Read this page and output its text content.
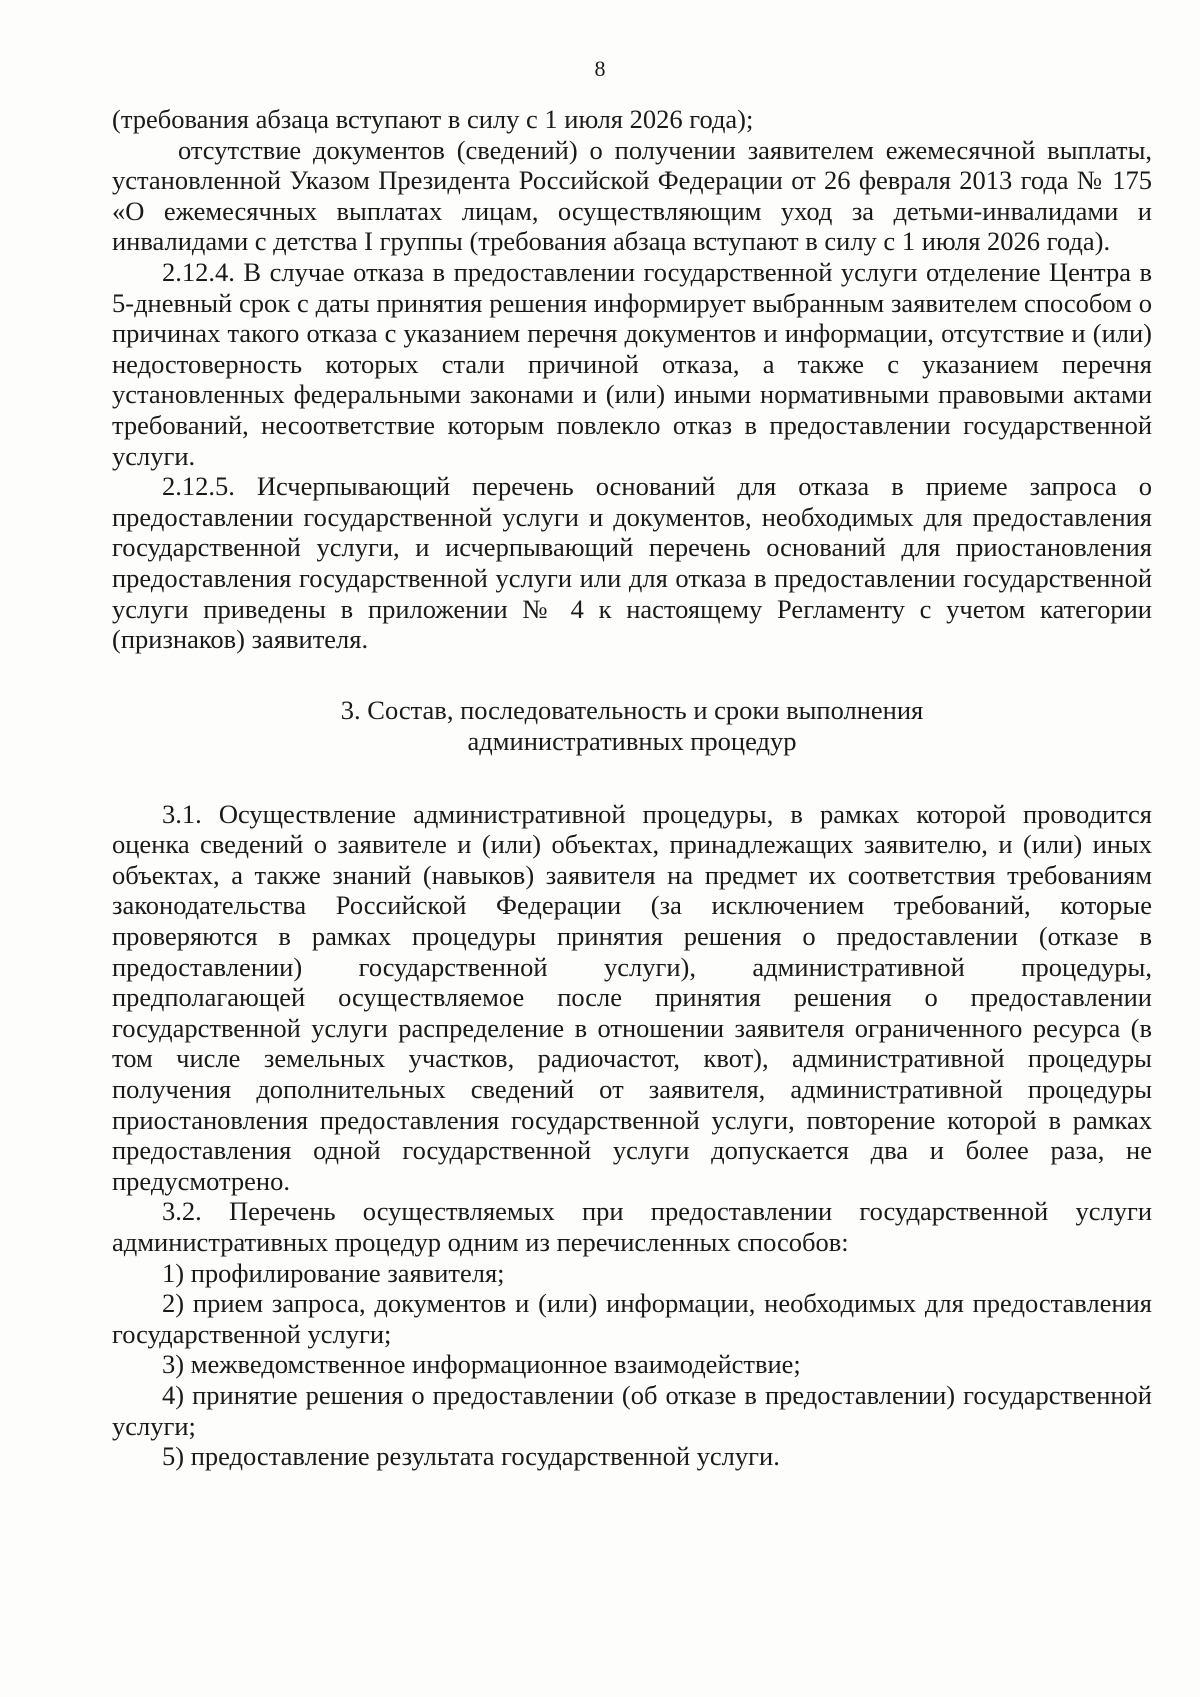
8

(требования абзаца вступают в силу с 1 июля 2026 года);

отсутствие документов (сведений) о получении заявителем ежемесячной выплаты, установленной Указом Президента Российской Федерации от 26 февраля 2013 года № 175 «О ежемесячных выплатах лицам, осуществляющим уход за детьми-инвалидами и инвалидами с детства I группы (требования абзаца вступают в силу с 1 июля 2026 года).

2.12.4. В случае отказа в предоставлении государственной услуги отделение Центра в 5-дневный срок с даты принятия решения информирует выбранным заявителем способом о причинах такого отказа с указанием перечня документов и информации, отсутствие и (или) недостоверность которых стали причиной отказа, а также с указанием перечня установленных федеральными законами и (или) иными нормативными правовыми актами требований, несоответствие которым повлекло отказ в предоставлении государственной услуги.

2.12.5. Исчерпывающий перечень оснований для отказа в приеме запроса о предоставлении государственной услуги и документов, необходимых для предоставления государственной услуги, и исчерпывающий перечень оснований для приостановления предоставления государственной услуги или для отказа в предоставлении государственной услуги приведены в приложении № 4 к настоящему Регламенту с учетом категории (признаков) заявителя.

3. Состав, последовательность и сроки выполнения
административных процедур

3.1. Осуществление административной процедуры, в рамках которой проводится оценка сведений о заявителе и (или) объектах, принадлежащих заявителю, и (или) иных объектах, а также знаний (навыков) заявителя на предмет их соответствия требованиям законодательства Российской Федерации (за исключением требований, которые проверяются в рамках процедуры принятия решения о предоставлении (отказе в предоставлении) государственной услуги), административной процедуры, предполагающей осуществляемое после принятия решения о предоставлении государственной услуги распределение в отношении заявителя ограниченного ресурса (в том числе земельных участков, радиочастот, квот), административной процедуры получения дополнительных сведений от заявителя, административной процедуры приостановления предоставления государственной услуги, повторение которой в рамках предоставления одной государственной услуги допускается два и более раза, не предусмотрено.

3.2. Перечень осуществляемых при предоставлении государственной услуги административных процедур одним из перечисленных способов:

1) профилирование заявителя;

2) прием запроса, документов и (или) информации, необходимых для предоставления государственной услуги;

3) межведомственное информационное взаимодействие;

4) принятие решения о предоставлении (об отказе в предоставлении) государственной услуги;

5) предоставление результата государственной услуги.
